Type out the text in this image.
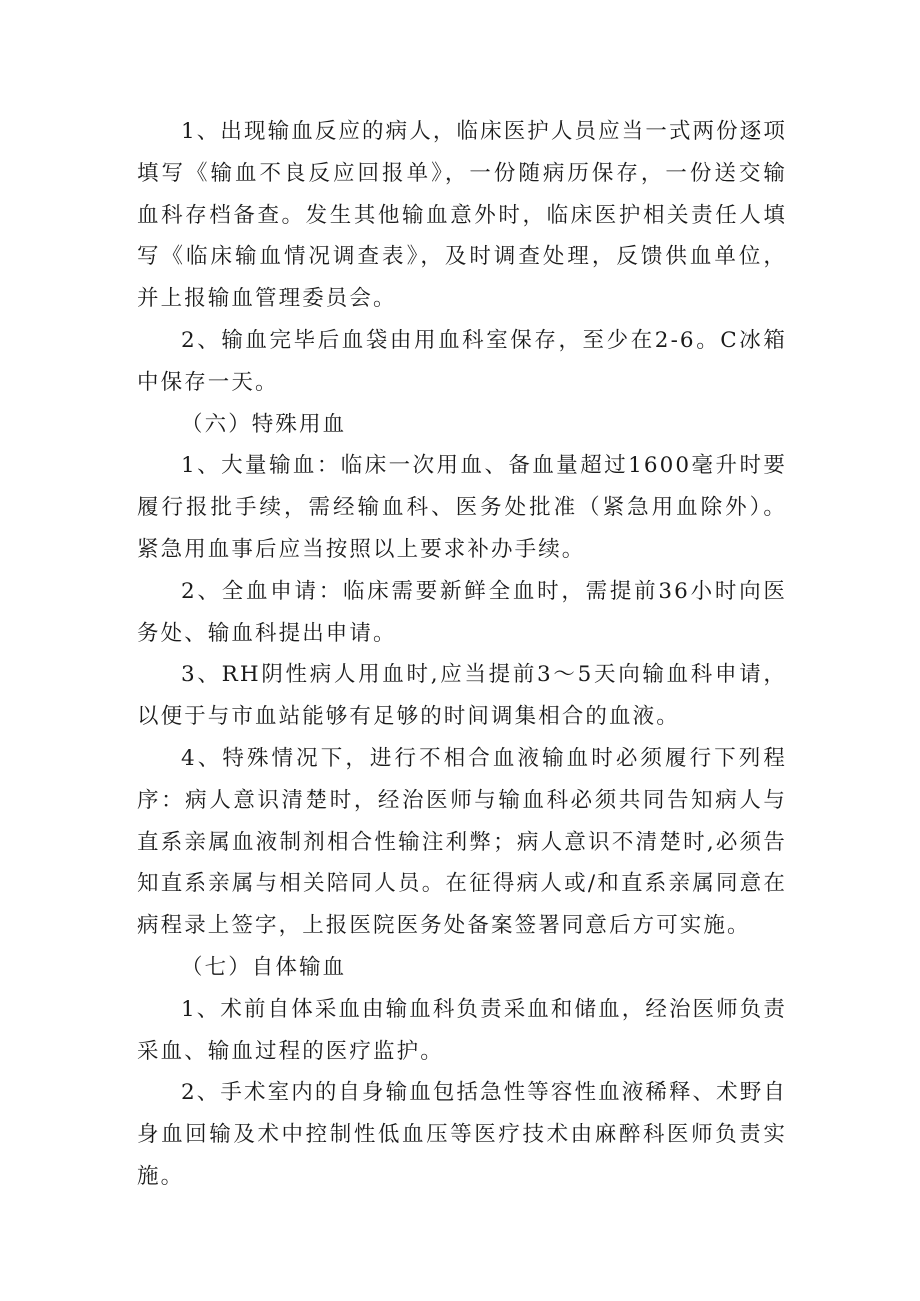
1、出现输血反应的病人，临床医护人员应当一式两份逐项填写《输血不良反应回报单》，一份随病历保存，一份送交输血科存档备查。发生其他输血意外时，临床医护相关责任人填写《临床输血情况调查表》，及时调查处理，反馈供血单位，并上报输血管理委员会。

2、输血完毕后血袋由用血科室保存，至少在2-6。C冰箱中保存一天。

（六）特殊用血

1、大量输血：临床一次用血、备血量超过1600毫升时要履行报批手续，需经输血科、医务处批准（紧急用血除外）。紧急用血事后应当按照以上要求补办手续。

2、全血申请：临床需要新鲜全血时，需提前36小时向医务处、输血科提出申请。

3、RH阴性病人用血时,应当提前3～5天向输血科申请，以便于与市血站能够有足够的时间调集相合的血液。

4、特殊情况下，进行不相合血液输血时必须履行下列程序：病人意识清楚时，经治医师与输血科必须共同告知病人与直系亲属血液制剂相合性输注利弊；病人意识不清楚时,必须告知直系亲属与相关陪同人员。在征得病人或/和直系亲属同意在病程录上签字，上报医院医务处备案签署同意后方可实施。

（七）自体输血

1、术前自体采血由输血科负责采血和储血，经治医师负责采血、输血过程的医疗监护。

2、手术室内的自身输血包括急性等容性血液稀释、术野自身血回输及术中控制性低血压等医疗技术由麻醉科医师负责实施。
